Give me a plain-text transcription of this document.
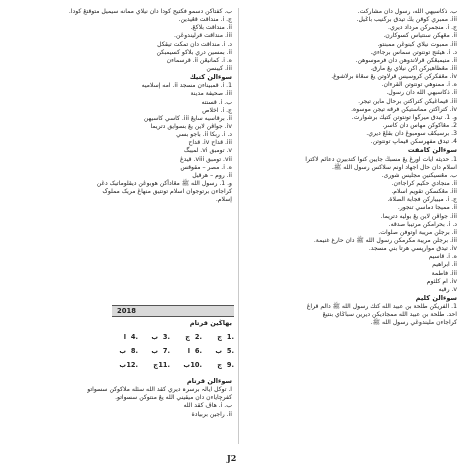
ب. ذكاسيهي الله، رسول دان مشاركت.
iii. ممبري كوقن بڬ تيدق برڬنيب باݢيل.
ج. i. منجمركن مرداد ديري.
ii. مڠهكن سنتياس كسوكارن.
iii. ممبوت نيلاي كبنوڠن ممبنتو.
د. i. هيئنج تونتوتن سماس برجاءي.
ii. منيمبڠكن قرلاندوهن دان فرموسوهن.
iii. مڠظاهيركن اكن نيلاي يڠ مارق.
iv. مڠفكركن كروسيس قرلاوتن يڠ سڠاة برلاشوڠ.
ه. i. ممنوهي تونتوتن القرءان.
ii. ذكاسيهي الله دان رسول.
iii. قيماڠيكن كتراكتن برحال ماين تيجر.
iv. كتراكتن مماستيكن فرقه تيجن موسوه.
و. 1. تيدق ميرڬوا تونتوتن كتيك برشوارت.
2. مڠاكوكن مهاس دان كاسر.
3. برسيكڤ سومبوڠ دان بقلڠ ديري.
4. تيدق مفهرسكن قيماپ تونتوتن.
سوءالن كامفت
1. حديثه ايات اورڠ يڠ مسبڬ جايين كنوا كتدبيرن دعائم لاكترا
اسلام دان حال اجهاد اونم سلاكس رسول الله ﷺ.
ب. مڠسيكنين مجليس شورى.
ii. منجادي حكيم كراجاءن.
iii. مڠكسكن تقويم اسلام.
ج. i. ميبيارکن فجابة الصلاة.
ii. مميجا دماسي تنجور.
iii. جواڤن لاين يڠ بوليه دتريما.
د. i. بحرامكن مرتيبا صدقه.
ii. برجلن مريبة اوتوفن صلوات.
iii. برجلن مريبة مكرمكن رسول الله ﷺ دان حارغ غنيمة.
iv. تيدق موارپسي هرتا بني مسجد.
ه. i. قاسيم
ii. ابراهيم
iii. فاطمة
iv. ام كلثوم
v. رقيه
سوءالن كليم
1. الفريكن طلحة بن عبيد الله كتك رسول الله ﷺ دالم قراڠ
احد. طلحة بن عبيد الله ممجاديكن ديرين سباݢاي بنتيڠ
كراجاءن مليندوڠي رسول الله ﷺ.
ب. كفتاكن دسمو فكتيح كودا دان نيلاي ممانه سيميل متوقتڠ كودا.
ج. i. منداقت قڠيدين.
ii. منداقت بلاكڠ.
iii. منداقت قرليندوڠن.
د. i. منداقت دان تمكت تيقكل
ii. بمسين دري بلاكو كسيمبكن
ه. i. كمانيڠن ii. قرسماءن
iii. كيبسن
سوءالن كتيڬ
1. i. قمبيناءن مسجد ii. امه إسلاميه
iii. صحيفة مدينة
ب. i. قسنته
ج. i. اخلاص
ii. برقاسيه سايڠ iii. كاسي كاسيهن
iv. جواڤن لاين يڠ بسوايق دتريما
د. i. ربكا ii. باجو بسي
iii. قداح iv. قداح
v. تومبق vi. لميبگ
vii. تومبق viii. قيدڠ
ه. i. مصر – مقوقس
ii. روم – هرقيل
و. 1. رسول الله ﷺ مڠادأكن هوبوڠن ديقلوماتيک دڠن
كراجاءن برتوجوان اسلام تونتيق منهاڠ مريک مملوک
إسلام.
2018
بهاڬين قرتام
1.
ج
2.
ج
3.
ب
4.
ا
5.
ب
6.
ا
7.
ب
8.
ب
9.
ج
10.
ب
11.
ج
12.
ب
سوءالن قرتام
ا. توكل ايالہ برسرہ ديري كقد الله سئله ملاكوكن سسواتو
كفرچاياءن دان ميقيني الله يڠ منتوكن سسواتو.
ب. i. هاڤ كقد الله
ii. راجين بربيادة
J2
